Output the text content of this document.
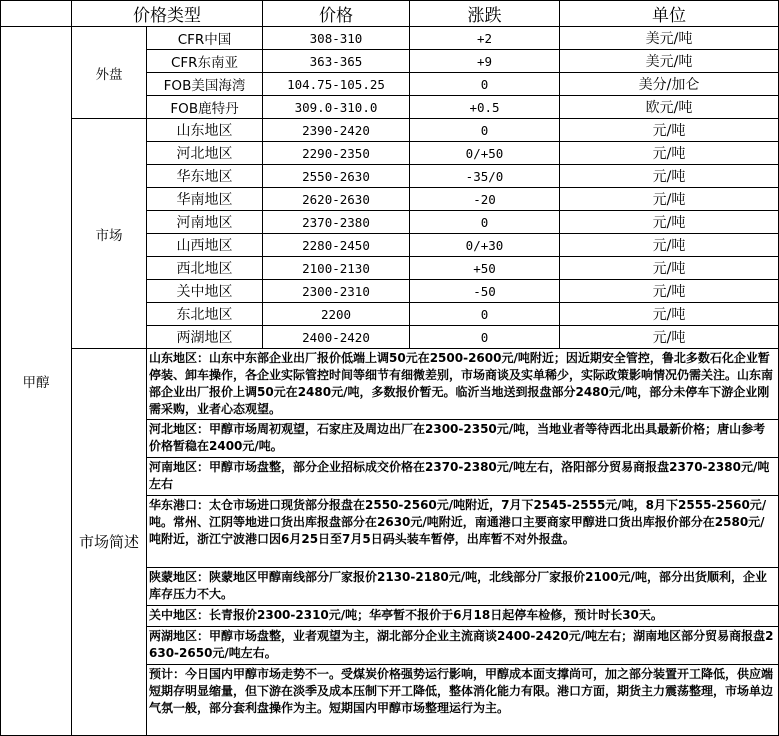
	价格类型		价格	涨跌	单位
甲醇	外盘	CFR中国	308-310	+2	美元/吨
		CFR东南亚	363-365	+9	美元/吨
		FOB美国海湾	104.75-105.25	0	美分/加仑
		FOB鹿特丹	309.0-310.0	+0.5	欧元/吨
	市场	山东地区	2390-2420	0	元/吨
		河北地区	2290-2350	0/+50	元/吨
		华东地区	2550-2630	-35/0	元/吨
		华南地区	2620-2630	-20	元/吨
		河南地区	2370-2380	0	元/吨
		山西地区	2280-2450	0/+30	元/吨
		西北地区	2100-2130	+50	元/吨
		关中地区	2300-2310	-50	元/吨
		东北地区	2200	0	元/吨
		两湖地区	2400-2420	0	元/吨
	市场简述	山东地区：山东中东部企业出厂报价低端上调50元在2500-2600元/吨附近；因近期安全管控，鲁北多数石化企业暂停装、卸车操作，各企业实际管控时间等细节有细微差别，市场商谈及实单稀少，实际政策影响情况仍需关注。山东南部企业出厂报价上调50元在2480元/吨，多数报价暂无。临沂当地送到报盘部分2480元/吨，部分未停车下游企业刚需采购，业者心态观望。			
		河北地区：甲醇市场周初观望，石家庄及周边出厂在2300-2350元/吨，当地业者等待西北出具最新价格；唐山参考价格暂稳在2400元/吨。			
		河南地区：甲醇市场盘整，部分企业招标成交价格在2370-2380元/吨左右，洛阳部分贸易商报盘2370-2380元/吨左右			
		华东港口：太仓市场进口现货部分报盘在2550-2560元/吨附近，7月下2545-2555元/吨，8月下2555-2560元/吨。常州、江阴等地进口货出库报盘部分在2630元/吨附近，南通港口主要商家甲醇进口货出库报价部分在2580元/吨附近，浙江宁波港口因6月25日至7月5日码头装车暂停，出库暂不对外报盘。			
		陕蒙地区：陕蒙地区甲醇南线部分厂家报价2130-2180元/吨，北线部分厂家报价2100元/吨，部分出货顺利，企业库存压力不大。			
		关中地区：长青报价2300-2310元/吨；华亭暂不报价于6月18日起停车检修，预计时长30天。			
		两湖地区：甲醇市场盘整，业者观望为主，湖北部分企业主流商谈2400-2420元/吨左右；湖南地区部分贸易商报盘2630-2650元/吨左右。			
		预计：今日国内甲醇市场走势不一。受煤炭价格强势运行影响，甲醇成本面支撑尚可，加之部分装置开工降低，供应端短期存明显缩量，但下游在淡季及成本压制下开工降低，整体消化能力有限。港口方面，期货主力震荡整理，市场单边气氛一般，部分套利盘操作为主。短期国内甲醇市场整理运行为主。			
